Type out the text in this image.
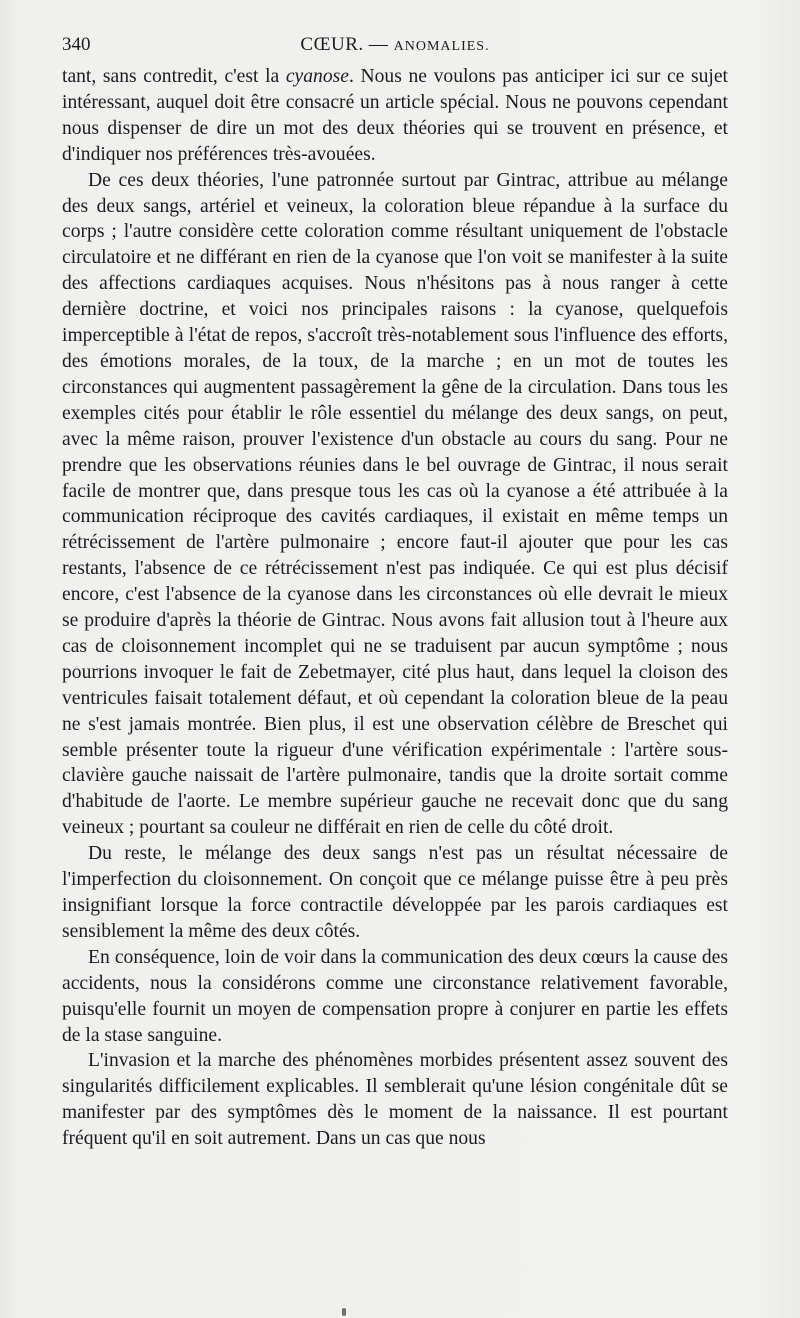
340	CŒUR. — ANOMALIES.

tant, sans contredit, c'est la cyanose. Nous ne voulons pas anticiper ici sur ce sujet intéressant, auquel doit être consacré un article spécial. Nous ne pouvons cependant nous dispenser de dire un mot des deux théories qui se trouvent en présence, et d'indiquer nos préférences très-avouées.

De ces deux théories, l'une patronnée surtout par Gintrac, attribue au mélange des deux sangs, artériel et veineux, la coloration bleue répandue à la surface du corps ; l'autre considère cette coloration comme résultant uniquement de l'obstacle circulatoire et ne différant en rien de la cyanose que l'on voit se manifester à la suite des affections cardiaques acquises. Nous n'hésitons pas à nous ranger à cette dernière doctrine, et voici nos principales raisons : la cyanose, quelquefois imperceptible à l'état de repos, s'accroît très-notablement sous l'influence des efforts, des émotions morales, de la toux, de la marche ; en un mot de toutes les circonstances qui augmentent passagèrement la gêne de la circulation. Dans tous les exemples cités pour établir le rôle essentiel du mélange des deux sangs, on peut, avec la même raison, prouver l'existence d'un obstacle au cours du sang. Pour ne prendre que les observations réunies dans le bel ouvrage de Gintrac, il nous serait facile de montrer que, dans presque tous les cas où la cyanose a été attribuée à la communication réciproque des cavités cardiaques, il existait en même temps un rétrécissement de l'artère pulmonaire ; encore faut-il ajouter que pour les cas restants, l'absence de ce rétrécissement n'est pas indiquée. Ce qui est plus décisif encore, c'est l'absence de la cyanose dans les circonstances où elle devrait le mieux se produire d'après la théorie de Gintrac. Nous avons fait allusion tout à l'heure aux cas de cloisonnement incomplet qui ne se traduisent par aucun symptôme ; nous pourrions invoquer le fait de Zebetmayer, cité plus haut, dans lequel la cloison des ventricules faisait totalement défaut, et où cependant la coloration bleue de la peau ne s'est jamais montrée. Bien plus, il est une observation célèbre de Breschet qui semble présenter toute la rigueur d'une vérification expérimentale : l'artère sous-clavière gauche naissait de l'artère pulmonaire, tandis que la droite sortait comme d'habitude de l'aorte. Le membre supérieur gauche ne recevait donc que du sang veineux ; pourtant sa couleur ne différait en rien de celle du côté droit.

Du reste, le mélange des deux sangs n'est pas un résultat nécessaire de l'imperfection du cloisonnement. On conçoit que ce mélange puisse être à peu près insignifiant lorsque la force contractile développée par les parois cardiaques est sensiblement la même des deux côtés.

En conséquence, loin de voir dans la communication des deux cœurs la cause des accidents, nous la considérons comme une circonstance relativement favorable, puisqu'elle fournit un moyen de compensation propre à conjurer en partie les effets de la stase sanguine.

L'invasion et la marche des phénomènes morbides présentent assez souvent des singularités difficilement explicables. Il semblerait qu'une lésion congénitale dût se manifester par des symptômes dès le moment de la naissance. Il est pourtant fréquent qu'il en soit autrement. Dans un cas que nous
